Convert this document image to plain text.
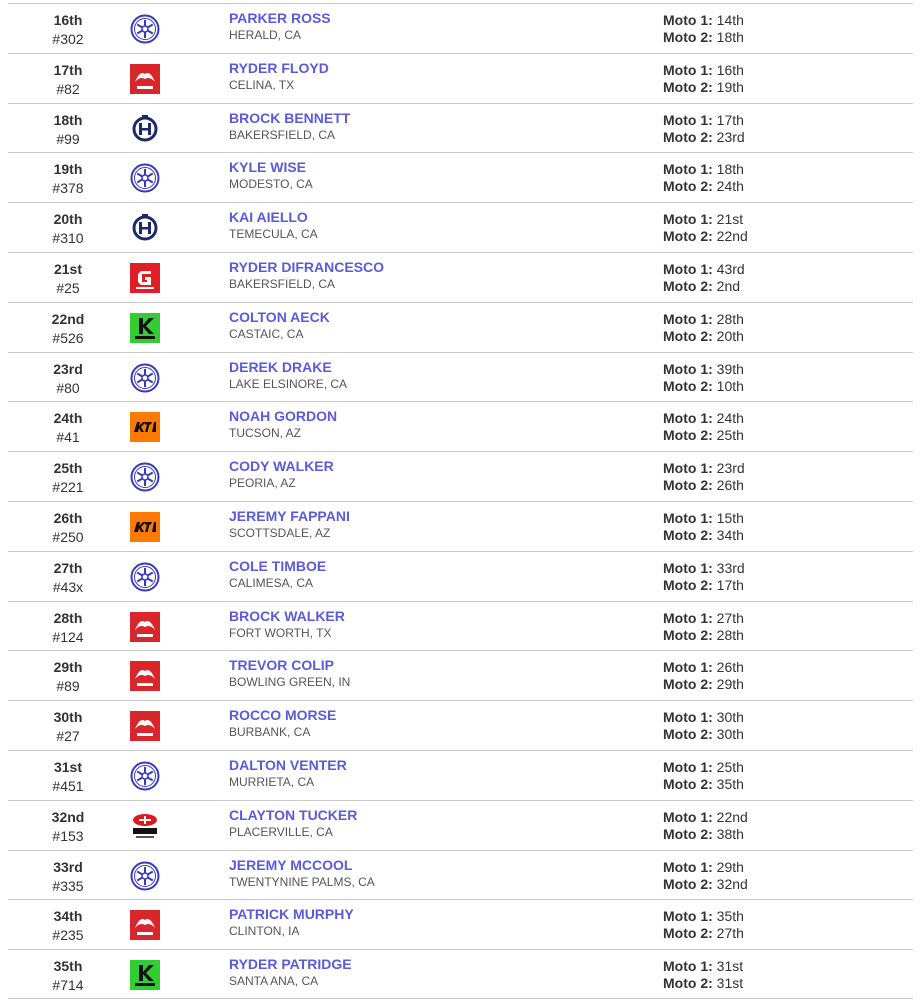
16th
#302
PARKER ROSS
HERALD, CA
Moto 1: 14th
Moto 2: 18th
17th
#82
RYDER FLOYD
CELINA, TX
Moto 1: 16th
Moto 2: 19th
18th
#99
BROCK BENNETT
BAKERSFIELD, CA
Moto 1: 17th
Moto 2: 23rd
19th
#378
KYLE WISE
MODESTO, CA
Moto 1: 18th
Moto 2: 24th
20th
#310
KAI AIELLO
TEMECULA, CA
Moto 1: 21st
Moto 2: 22nd
21st
#25
RYDER DIFRANCESCO
BAKERSFIELD, CA
Moto 1: 43rd
Moto 2: 2nd
22nd
#526
COLTON AECK
CASTAIC, CA
Moto 1: 28th
Moto 2: 20th
23rd
#80
DEREK DRAKE
LAKE ELSINORE, CA
Moto 1: 39th
Moto 2: 10th
24th
#41
NOAH GORDON
TUCSON, AZ
Moto 1: 24th
Moto 2: 25th
25th
#221
CODY WALKER
PEORIA, AZ
Moto 1: 23rd
Moto 2: 26th
26th
#250
JEREMY FAPPANI
SCOTTSDALE, AZ
Moto 1: 15th
Moto 2: 34th
27th
#43x
COLE TIMBOE
CALIMESA, CA
Moto 1: 33rd
Moto 2: 17th
28th
#124
BROCK WALKER
FORT WORTH, TX
Moto 1: 27th
Moto 2: 28th
29th
#89
TREVOR COLIP
BOWLING GREEN, IN
Moto 1: 26th
Moto 2: 29th
30th
#27
ROCCO MORSE
BURBANK, CA
Moto 1: 30th
Moto 2: 30th
31st
#451
DALTON VENTER
MURRIETA, CA
Moto 1: 25th
Moto 2: 35th
32nd
#153
CLAYTON TUCKER
PLACERVILLE, CA
Moto 1: 22nd
Moto 2: 38th
33rd
#335
JEREMY MCCOOL
TWENTYNINE PALMS, CA
Moto 1: 29th
Moto 2: 32nd
34th
#235
PATRICK MURPHY
CLINTON, IA
Moto 1: 35th
Moto 2: 27th
35th
#714
RYDER PATRIDGE
SANTA ANA, CA
Moto 1: 31st
Moto 2: 31st
